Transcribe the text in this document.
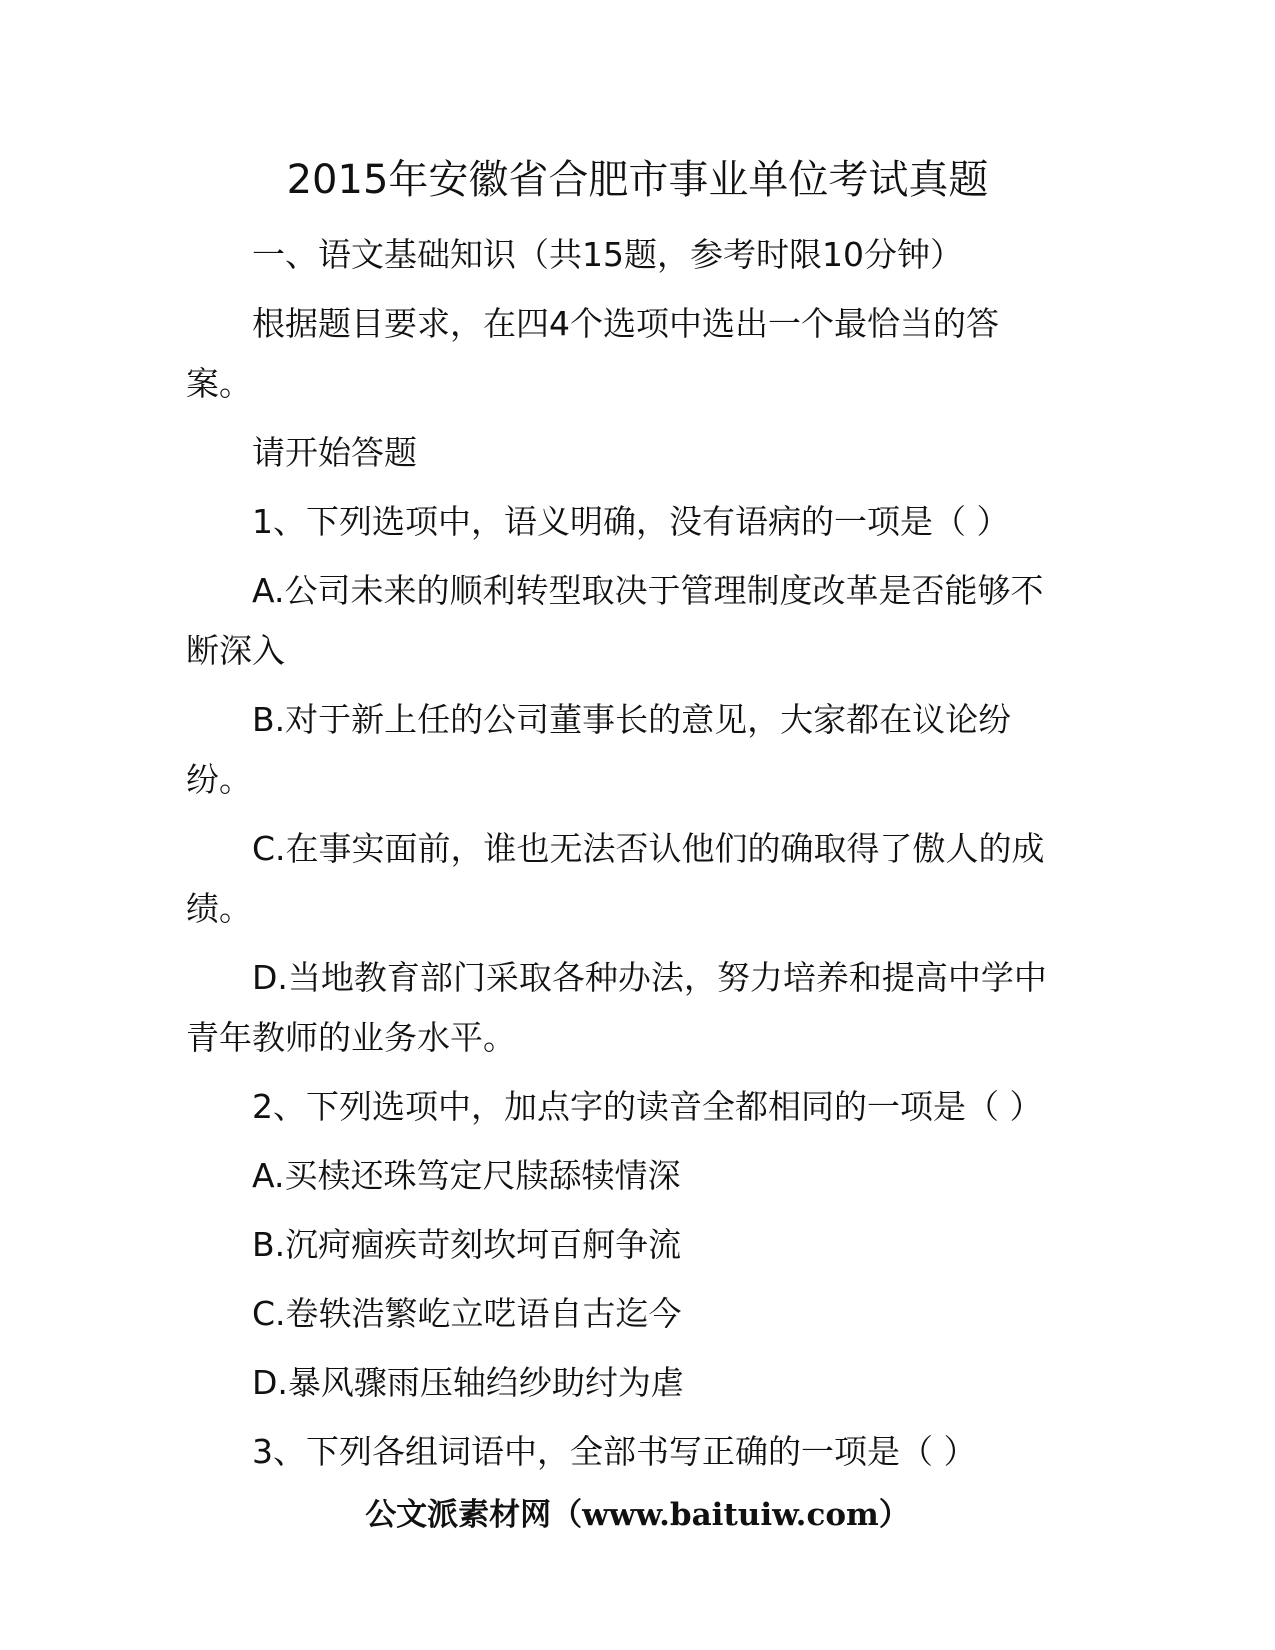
2015年安徽省合肥市事业单位考试真题
一、语文基础知识（共15题，参考时限10分钟）
根据题目要求，在四4个选项中选出一个最恰当的答
案。
请开始答题
1、下列选项中，语义明确，没有语病的一项是（ ）
A.公司未来的顺利转型取决于管理制度改革是否能够不
断深入
B.对于新上任的公司董事长的意见，大家都在议论纷
纷。
C.在事实面前，谁也无法否认他们的确取得了傲人的成
绩。
D.当地教育部门采取各种办法，努力培养和提高中学中
青年教师的业务水平。
2、下列选项中，加点字的读音全都相同的一项是（ ）
A.买椟还珠笃定尺牍舔犊情深
B.沉疴痼疾苛刻坎坷百舸争流
C.卷轶浩繁屹立呓语自古迄今
D.暴风骤雨压轴绉纱助纣为虐
3、下列各组词语中，全部书写正确的一项是（ ）
公文派素材网（www.baituiw.com）
